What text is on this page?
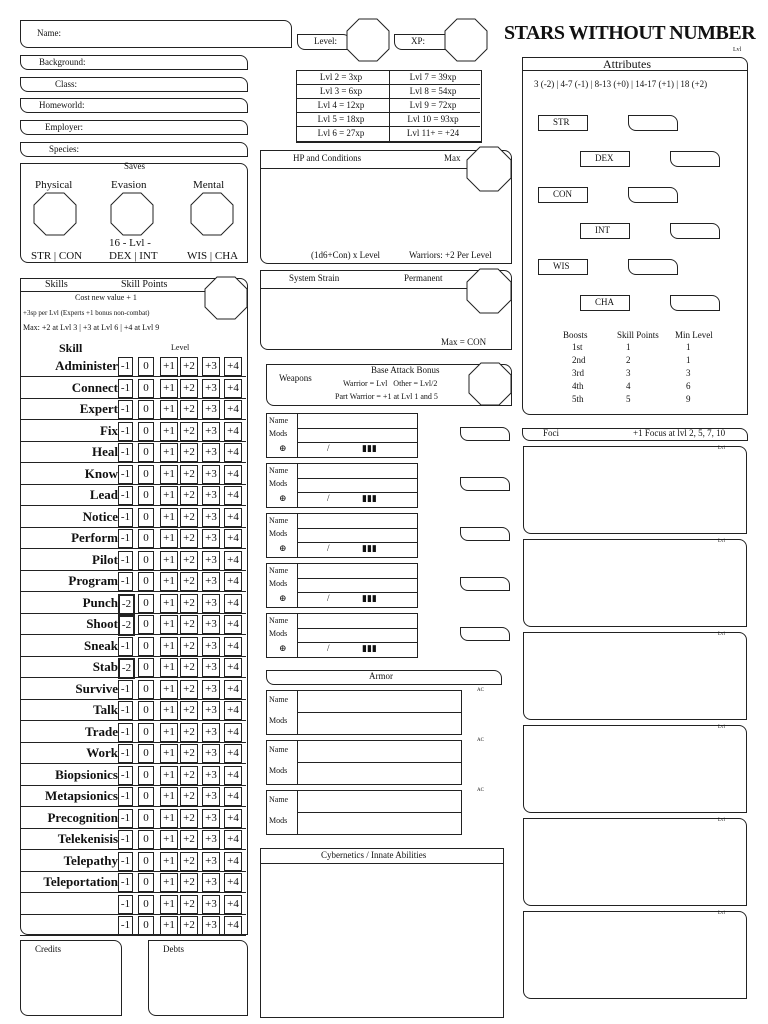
STARS WITHOUT NUMBER
Lvl
Name:
Background:
Class:
Homeworld:
Employer:
Species:
Level:	XP:
Lvl 2 = 3xp	Lvl 7 = 39xp
Lvl 3 = 6xp	Lvl 8 = 54xp
Lvl 4 = 12xp	Lvl 9 = 72xp
Lvl 5 = 18xp	Lvl 10 = 93xp
Lvl 6 = 27xp	Lvl 11+ = +24
Saves
Physical	Evasion	Mental
16 - Lvl -
STR | CON DEX | INT	WIS | CHA
HP and Conditions	Max
(1d6+Con) x Level	Warriors: +2 Per Level
System Strain	Permanent
Max = CON
Attributes
3 (-2) | 4-7 (-1) | 8-13 (+0) | 14-17 (+1) | 18 (+2)
STR
DEX
CON
INT
WIS
CHA
Boosts	Skill Points Min Level
1st	1	1
2nd	2	1
3rd	3	3
4th	4	6
5th	5	9
Skills	Skill Points
Cost new value + 1
+3sp per Lvl (Experts +1 bonus non-combat)
Max: +2 at Lvl 3 | +3 at Lvl 6 | +4 at Lvl 9
Level
Skill
Administer -1	0	+1 +2 +3 +4
Connect -1	0	+1 +2 +3 +4
Expert -1	0	+1 +2 +3 +4
Fix -1	0	+1 +2 +3 +4
Heal -1	0	+1 +2 +3 +4
Know -1	0	+1 +2 +3 +4
Lead -1	0	+1 +2 +3 +4
Notice -1	0	+1 +2 +3 +4
Perform -1	0	+1 +2 +3 +4
Pilot -1	0	+1 +2 +3 +4
Program -1	0	+1 +2 +3 +4
Punch -2	0	+1 +2 +3 +4
Shoot -2	0	+1 +2 +3 +4
Sneak -1	0	+1 +2 +3 +4
Stab -2	0	+1 +2 +3 +4
Survive -1	0	+1 +2 +3 +4
Talk -1	0	+1 +2 +3 +4
Trade -1	0	+1 +2 +3 +4
Work -1	0	+1 +2 +3 +4
Biopsionics -1	0	+1 +2 +3 +4
Metapsionics -1	0	+1 +2 +3 +4
Precognition -1	0	+1 +2 +3 +4
Telekenisis -1	0	+1 +2 +3 +4
Telepathy -1	0	+1 +2 +3 +4
Teleportation -1	0	+1 +2 +3 +4
-1	0	+1 +2 +3 +4
-1	0	+1 +2 +3 +4
Weapons
Base Attack Bonus
Warrior = Lvl   Other = Lvl/2
Part Warrior = +1 at Lvl 1 and 5
Name
Mods
⊕	/	▮▮▮
Name
Mods
⊕	/	▮▮▮
Name
Mods
⊕	/	▮▮▮
Name
Mods
⊕	/	▮▮▮
Name
Mods
⊕	/	▮▮▮
Armor
Name
Mods
AC
Name
Mods
AC
Name
Mods
AC
Cybernetics / Innate Abilities
Foci	+1 Focus at lvl 2, 5, 7, 10
Lvl
Lvl
Lvl
Lvl
Lvl
Lvl
Credits	Debts
